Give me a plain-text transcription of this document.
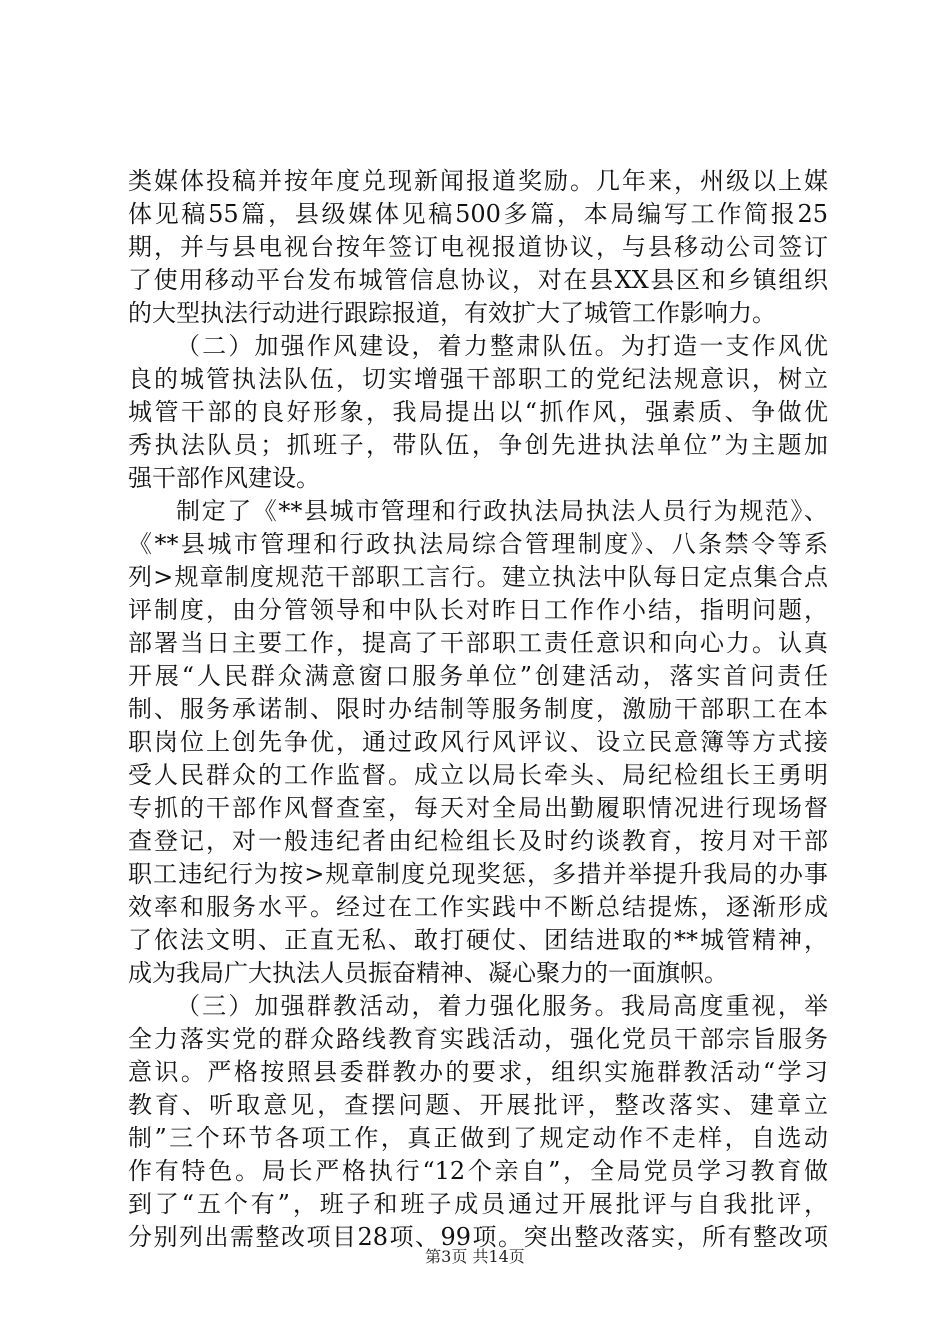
类媒体投稿并按年度兑现新闻报道奖励。几年来，州级以上媒
体见稿55篇，县级媒体见稿500多篇，本局编写工作简报25
期，并与县电视台按年签订电视报道协议，与县移动公司签订
了使用移动平台发布城管信息协议，对在县XX县区和乡镇组织
的大型执法行动进行跟踪报道，有效扩大了城管工作影响力。
（二）加强作风建设，着力整肃队伍。为打造一支作风优
良的城管执法队伍，切实增强干部职工的党纪法规意识，树立
城管干部的良好形象，我局提出以“抓作风，强素质、争做优
秀执法队员；抓班子，带队伍，争创先进执法单位”为主题加
强干部作风建设。
制定了《**县城市管理和行政执法局执法人员行为规范》、
《**县城市管理和行政执法局综合管理制度》、八条禁令等系
列>规章制度规范干部职工言行。建立执法中队每日定点集合点
评制度，由分管领导和中队长对昨日工作作小结，指明问题，
部署当日主要工作，提高了干部职工责任意识和向心力。认真
开展“人民群众满意窗口服务单位”创建活动，落实首问责任
制、服务承诺制、限时办结制等服务制度，激励干部职工在本
职岗位上创先争优，通过政风行风评议、设立民意簿等方式接
受人民群众的工作监督。成立以局长牵头、局纪检组长王勇明
专抓的干部作风督查室，每天对全局出勤履职情况进行现场督
查登记，对一般违纪者由纪检组长及时约谈教育，按月对干部
职工违纪行为按>规章制度兑现奖惩，多措并举提升我局的办事
效率和服务水平。经过在工作实践中不断总结提炼，逐渐形成
了依法文明、正直无私、敢打硬仗、团结进取的**城管精神，
成为我局广大执法人员振奋精神、凝心聚力的一面旗帜。
（三）加强群教活动，着力强化服务。我局高度重视，举
全力落实党的群众路线教育实践活动，强化党员干部宗旨服务
意识。严格按照县委群教办的要求，组织实施群教活动“学习
教育、听取意见，查摆问题、开展批评，整改落实、建章立
制”三个环节各项工作，真正做到了规定动作不走样，自选动
作有特色。局长严格执行“12个亲自”，全局党员学习教育做
到了“五个有”，班子和班子成员通过开展批评与自我批评，
分别列出需整改项目28项、99项。突出整改落实，所有整改项
第3页 共14页
